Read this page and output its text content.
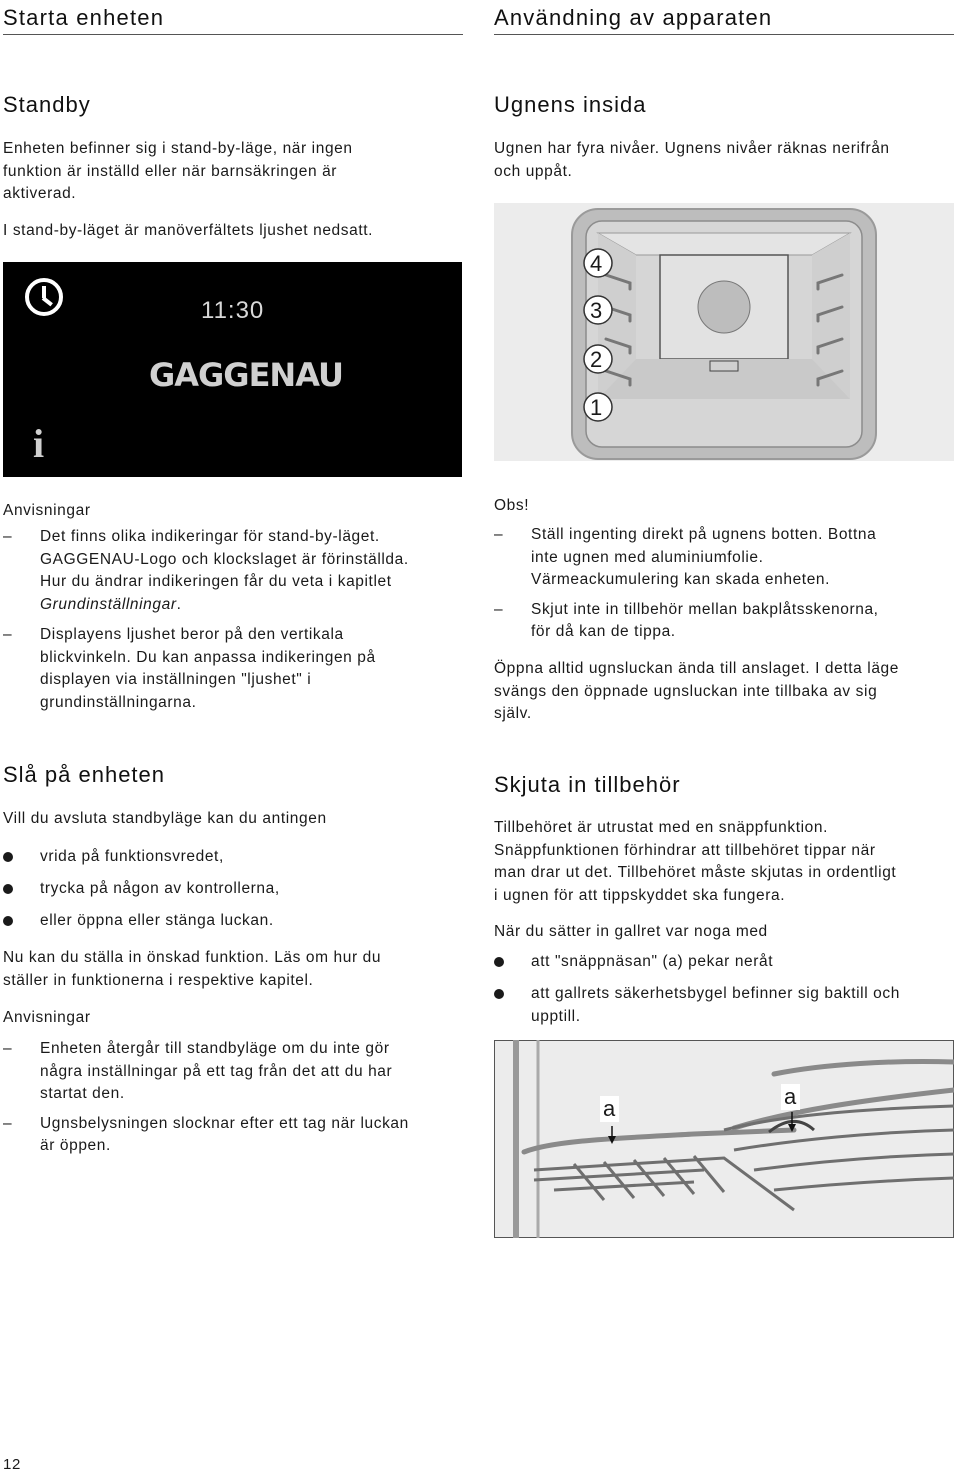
Starta enheten	Användning av apparaten
Standby
Enheten befinner sig i stand-by-läge, när ingen
funktion är inställd eller när barnsäkringen är
aktiverad.
I stand-by-läget är manöverfältets ljushet nedsatt.
11:30
GAGGENAU
i
Anvisningar
– Det finns olika indikeringar för stand-by-läget.
GAGGENAU-Logo och klockslaget är förinställda.
Hur du ändrar indikeringen får du veta i kapitlet
Grundinställningar.
– Displayens ljushet beror på den vertikala
blickvinkeln. Du kan anpassa indikeringen på
displayen via inställningen "ljushet" i
grundinställningarna.
Slå på enheten
Vill du avsluta standbyläge kan du antingen
vrida på funktionsvredet,
trycka på någon av kontrollerna,
eller öppna eller stänga luckan.
Nu kan du ställa in önskad funktion. Läs om hur du
ställer in funktionerna i respektive kapitel.
Anvisningar
– Enheten återgår till standbyläge om du inte gör
några inställningar på ett tag från det att du har
startat den.
– Ugnsbelysningen slocknar efter ett tag när luckan
är öppen.
Ugnens insida
Ugnen har fyra nivåer. Ugnens nivåer räknas nerifrån
och uppåt.
4
3
2
1
Obs!
– Ställ ingenting direkt på ugnens botten. Bottna
inte ugnen med aluminiumfolie.
Värmeackumulering kan skada enheten.
– Skjut inte in tillbehör mellan bakplåtsskenorna,
för då kan de tippa.
Öppna alltid ugnsluckan ända till anslaget. I detta läge
svängs den öppnade ugnsluckan inte tillbaka av sig
själv.
Skjuta in tillbehör
Tillbehöret är utrustat med en snäppfunktion.
Snäppfunktionen förhindrar att tillbehöret tippar när
man drar ut det. Tillbehöret måste skjutas in ordentligt
i ugnen för att tippskyddet ska fungera.
När du sätter in gallret var noga med
att "snäppnäsan" (a) pekar neråt
att gallrets säkerhetsbygel befinner sig baktill och
upptill.
a	a
12
